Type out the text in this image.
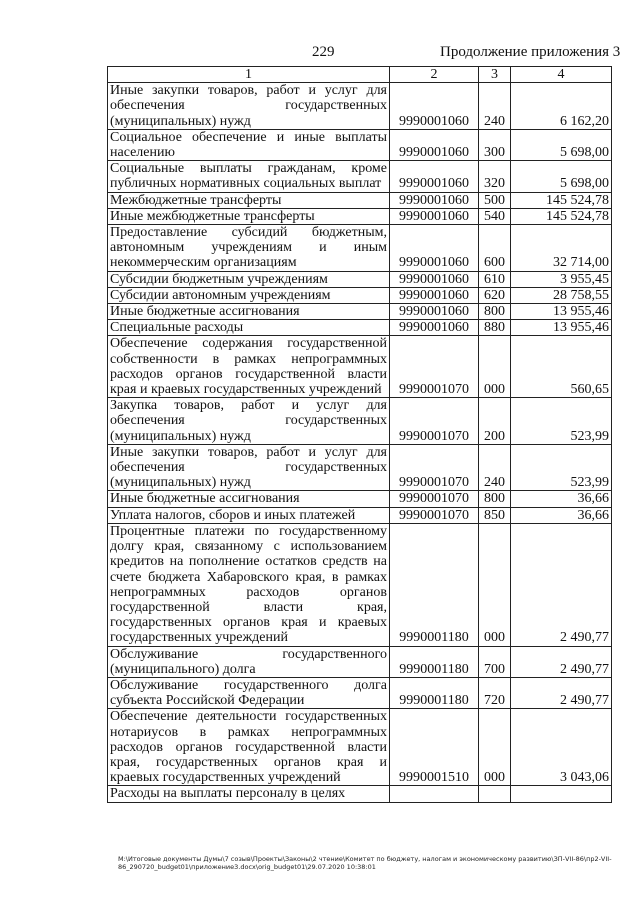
229	Продолжение приложения 3
1	2	3	4
Иные закупки товаров, работ и услуг для обеспечения государственных (муниципальных) нужд	9990001060	240	6 162,20
Социальное обеспечение и иные выплаты населению	9990001060	300	5 698,00
Социальные выплаты гражданам, кроме публичных нормативных социальных выплат	9990001060	320	5 698,00
Межбюджетные трансферты	9990001060	500	145 524,78
Иные межбюджетные трансферты	9990001060	540	145 524,78
Предоставление субсидий бюджетным, автономным учреждениям и иным некоммерческим организациям	9990001060	600	32 714,00
Субсидии бюджетным учреждениям	9990001060	610	3 955,45
Субсидии автономным учреждениям	9990001060	620	28 758,55
Иные бюджетные ассигнования	9990001060	800	13 955,46
Специальные расходы	9990001060	880	13 955,46
Обеспечение содержания государственной собственности в рамках непрограммных расходов органов государственной власти края и краевых государственных учреждений	9990001070	000	560,65
Закупка товаров, работ и услуг для обеспечения государственных (муниципальных) нужд	9990001070	200	523,99
Иные закупки товаров, работ и услуг для обеспечения государственных (муниципальных) нужд	9990001070	240	523,99
Иные бюджетные ассигнования	9990001070	800	36,66
Уплата налогов, сборов и иных платежей	9990001070	850	36,66
Процентные платежи по государственному долгу края, связанному с использованием кредитов на пополнение остатков средств на счете бюджета Хабаровского края, в рамках непрограммных расходов органов государственной власти края, государственных органов края и краевых государственных учреждений	9990001180	000	2 490,77
Обслуживание государственного (муниципального) долга	9990001180	700	2 490,77
Обслуживание государственного долга субъекта Российской Федерации	9990001180	720	2 490,77
Обеспечение деятельности государственных нотариусов в рамках непрограммных расходов органов государственной власти края, государственных органов края и краевых государственных учреждений	9990001510	000	3 043,06
Расходы на выплаты персоналу в целях			
M:\Итоговые документы Думы\7 созыв\Проекты\Законы\2 чтение\Комитет по бюджету, налогам и экономическому развитию\ЗП-VII-86\пр2-VII-86_290720_budget01\приложение3.docx\orig_budget01\29.07.2020 10:38:01
